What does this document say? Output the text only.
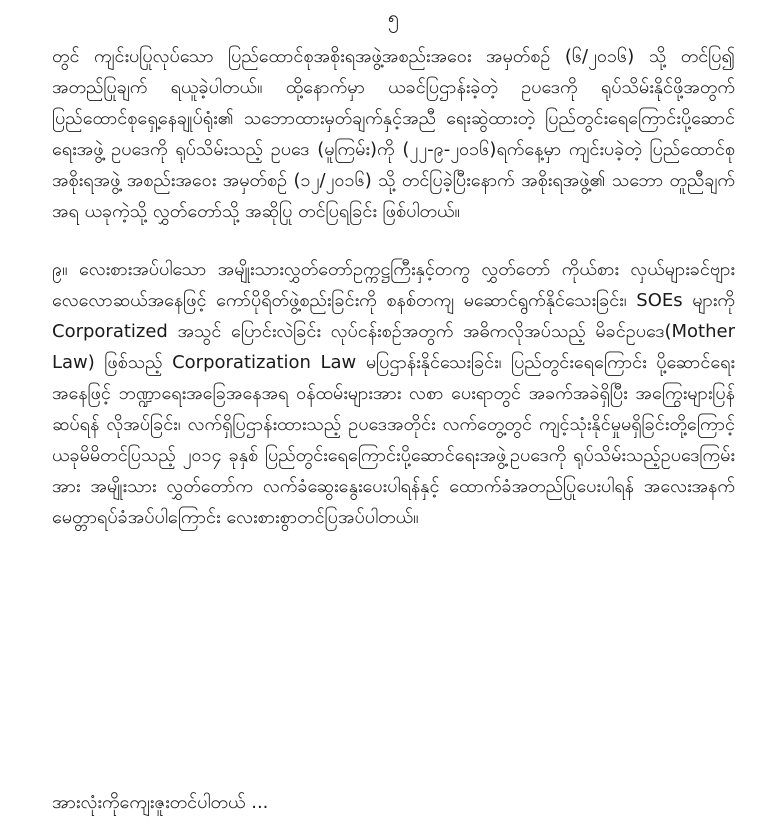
၅

တွင် ကျင်းပပြုလုပ်သော ပြည်ထောင်စုအစိုးရအဖွဲ့အစည်းအဝေး အမှတ်စဉ် (၆/၂၀၁၆) သို့ တင်ပြ၍ အတည်ပြုချက် ရယူခဲ့ပါတယ်။ ထို့နောက်မှာ ယခင်ပြဌာန်းခဲ့တဲ့ ဥပဒေကို ရုပ်သိမ်းနိုင်ဖို့အတွက် ပြည်ထောင်စုရှေ့နေချုပ်ရုံး၏ သဘောထားမှတ်ချက်နှင့်အညီ ရေးဆွဲထားတဲ့ ပြည်တွင်းရေကြောင်းပို့ဆောင်ရေးအဖွဲ့ ဥပဒေကို ရုပ်သိမ်းသည့် ဥပဒေ (မူကြမ်း)ကို (၂၂-၉-၂၀၁၆)ရက်နေ့မှာ ကျင်းပခဲ့တဲ့ ပြည်ထောင်စုအစိုးရအဖွဲ့ အစည်းအဝေး အမှတ်စဉ် (၁၂/၂၀၁၆) သို့ တင်ပြခဲ့ပြီးနောက် အစိုးရအဖွဲ့၏ သဘော တူညီချက်အရ ယခုကဲ့သို့ လွှတ်တော်သို့ အဆိုပြု တင်ပြရခြင်း ဖြစ်ပါတယ်။

၉။ လေးစားအပ်ပါသော အမျိုးသားလွှတ်တော်ဥက္ကဋ္ဌကြီးနှင့်တကွ လွှတ်တော် ကိုယ်စား လှယ်များခင်ဗျား လေလောဆယ်အနေဖြင့် ကော်ပိုရိတ်ဖွဲ့စည်းခြင်းကို စနစ်တကျ မဆောင်ရွက်နိုင်သေးခြင်း၊ SOEs များကို Corporatized အသွင် ပြောင်းလဲခြင်း လုပ်ငန်းစဉ်အတွက် အဓိကလိုအပ်သည့် မိခင်ဥပဒေ(Mother Law) ဖြစ်သည့် Corporatization Law မပြဌာန်းနိုင်သေးခြင်း၊ ပြည်တွင်းရေကြောင်း ပို့ဆောင်ရေး အနေဖြင့် ဘဏ္ဍာရေးအခြေအနေအရ ဝန်ထမ်းများအား လစာ ပေးရာတွင် အခက်အခဲရှိပြီး အကြွေးများပြန်ဆပ်ရန် လိုအပ်ခြင်း၊ လက်ရှိပြဌာန်းထားသည့် ဥပဒေအတိုင်း လက်တွေ့တွင် ကျင့်သုံးနိုင်မှုမရှိခြင်းတို့ကြောင့် ယခုမိမိတင်ပြသည့် ၂၀၁၄ ခုနှစ် ပြည်တွင်းရေကြောင်းပို့ဆောင်ရေးအဖွဲ့ဥပဒေကို ရုပ်သိမ်းသည့်ဥပဒေကြမ်းအား အမျိုးသား လွှတ်တော်က လက်ခံဆွေးနွေးပေးပါရန်နှင့် ထောက်ခံအတည်ပြုပေးပါရန် အလေးအနက် မေတ္တာရပ်ခံအပ်ပါကြောင်း လေးစားစွာတင်ပြအပ်ပါတယ်။

အားလုံးကိုကျေးဇူးတင်ပါတယ် ...
